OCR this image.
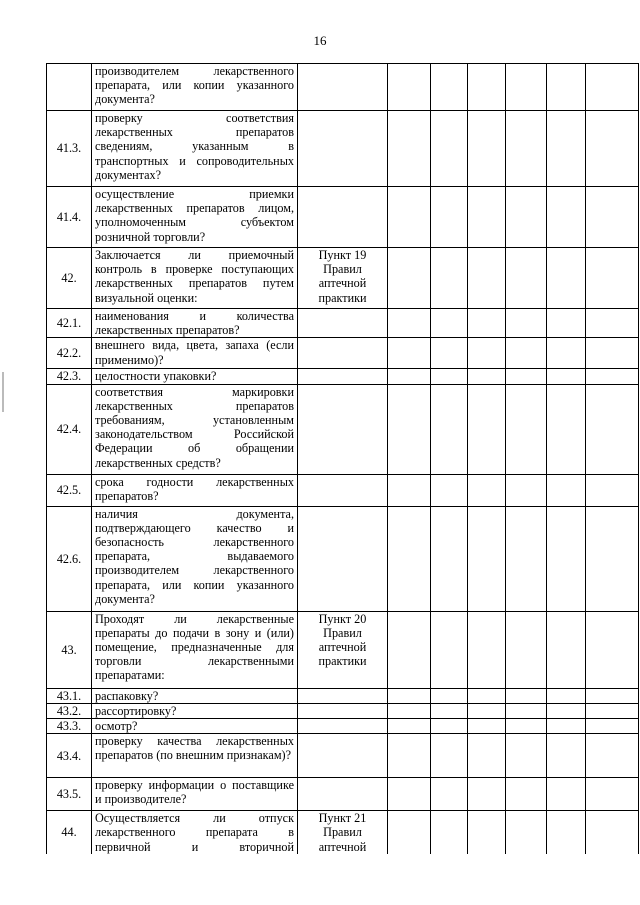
16
	производителем лекарственного препарата, или копии указанного документа?							
41.3.	проверку соответствия лекарственных препаратов сведениям, указанным в транспортных и сопроводительных документах?							
41.4.	осуществление приемки лекарственных препаратов лицом, уполномоченным субъектом розничной торговли?							
42.	Заключается ли приемочный контроль в проверке поступающих лекарственных препаратов путем визуальной оценки:	Пункт 19 Правил аптечной практики						
42.1.	наименования и количества лекарственных препаратов?							
42.2.	внешнего вида, цвета, запаха (если применимо)?							
42.3.	целостности упаковки?							
42.4.	соответствия маркировки лекарственных препаратов требованиям, установленным законодательством Российской Федерации об обращении лекарственных средств?							
42.5.	срока годности лекарственных препаратов?							
42.6.	наличия документа, подтверждающего качество и безопасность лекарственного препарата, выдаваемого производителем лекарственного препарата, или копии указанного документа?							
43.	Проходят ли лекарственные препараты до подачи в зону и (или) помещение, предназначенные для торговли лекарственными препаратами:	Пункт 20 Правил аптечной практики						
43.1.	распаковку?							
43.2.	рассортировку?							
43.3.	осмотр?							
43.4.	проверку качества лекарственных препаратов (по внешним признакам)?							
43.5.	проверку информации о поставщике и производителе?							
44.	Осуществляется ли отпуск лекарственного препарата в первичной и вторичной	Пункт 21 Правил аптечной						
